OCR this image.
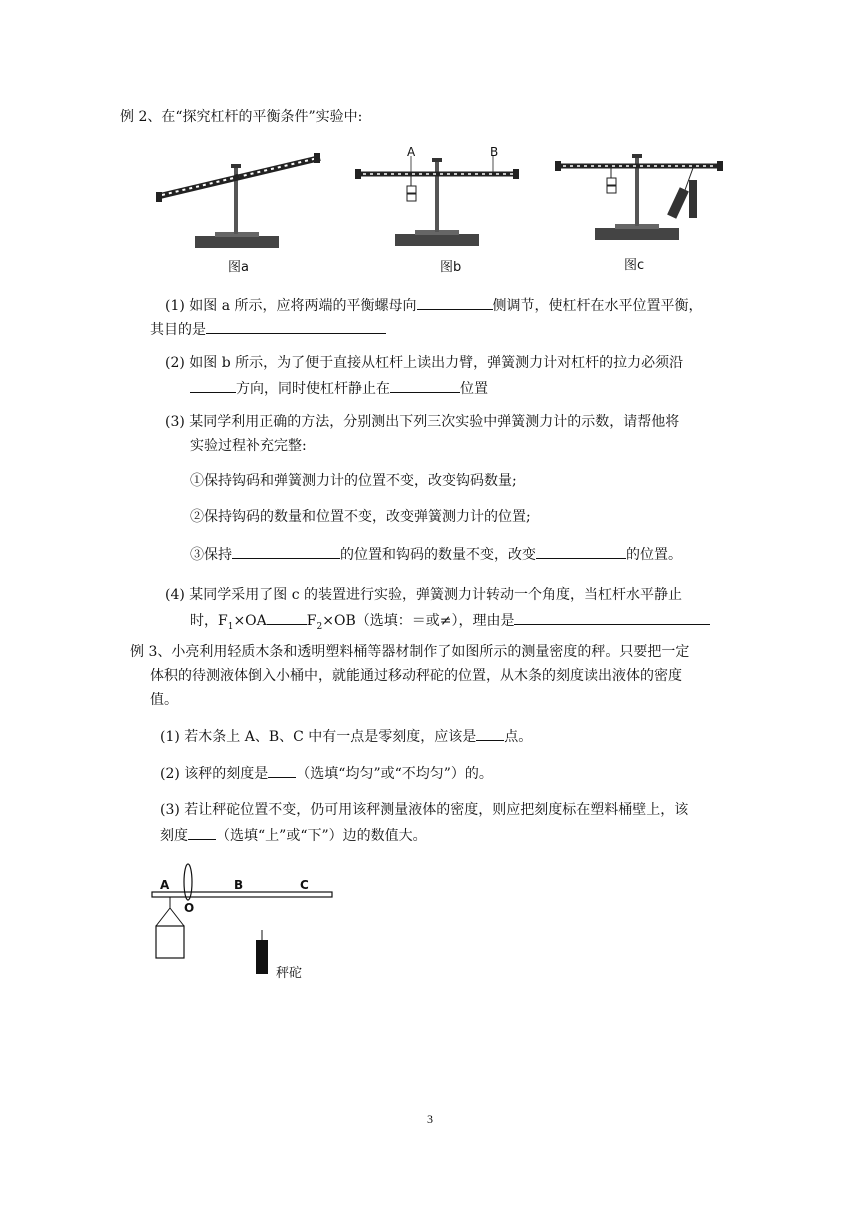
例 2、在“探究杠杆的平衡条件”实验中:
图a
A	B
图b	图c
(1) 如图 a 所示，应将两端的平衡螺母向	侧调节，使杠杆在水平位置平衡，
其目的是
(2) 如图 b 所示，为了便于直接从杠杆上读出力臂，弹簧测力计对杠杆的拉力必须沿
方向，同时使杠杆静止在	位置
(3) 某同学利用正确的方法，分别测出下列三次实验中弹簧测力计的示数，请帮他将
实验过程补充完整:
①保持钩码和弹簧测力计的位置不变，改变钩码数量;
②保持钩码的数量和位置不变，改变弹簧测力计的位置;
③保持	的位置和钩码的数量不变，改变	的位置。
(4) 某同学采用了图 c 的装置进行实验，弹簧测力计转动一个角度，当杠杆水平静止
时，$F_1\times OA$	$F_2\times OB$（选填：＝或≠），理由是
例 3、小亮利用轻质木条和透明塑料桶等器材制作了如图所示的测量密度的秤。只要把一定
体积的待测液体倒入小桶中，就能通过移动秤砣的位置，从木条的刻度读出液体的密度
值。
(1) 若木条上 A、B、C 中有一点是零刻度，应该是 点。
(2) 该秤的刻度是 （选填“均匀”或“不均匀”）的。
(3) 若让秤砣位置不变，仍可用该秤测量液体的密度，则应把刻度标在塑料桶壁上，该
刻度 （选填“上”或“下”）边的数值大。
A	B	C
O
秤砣
3
